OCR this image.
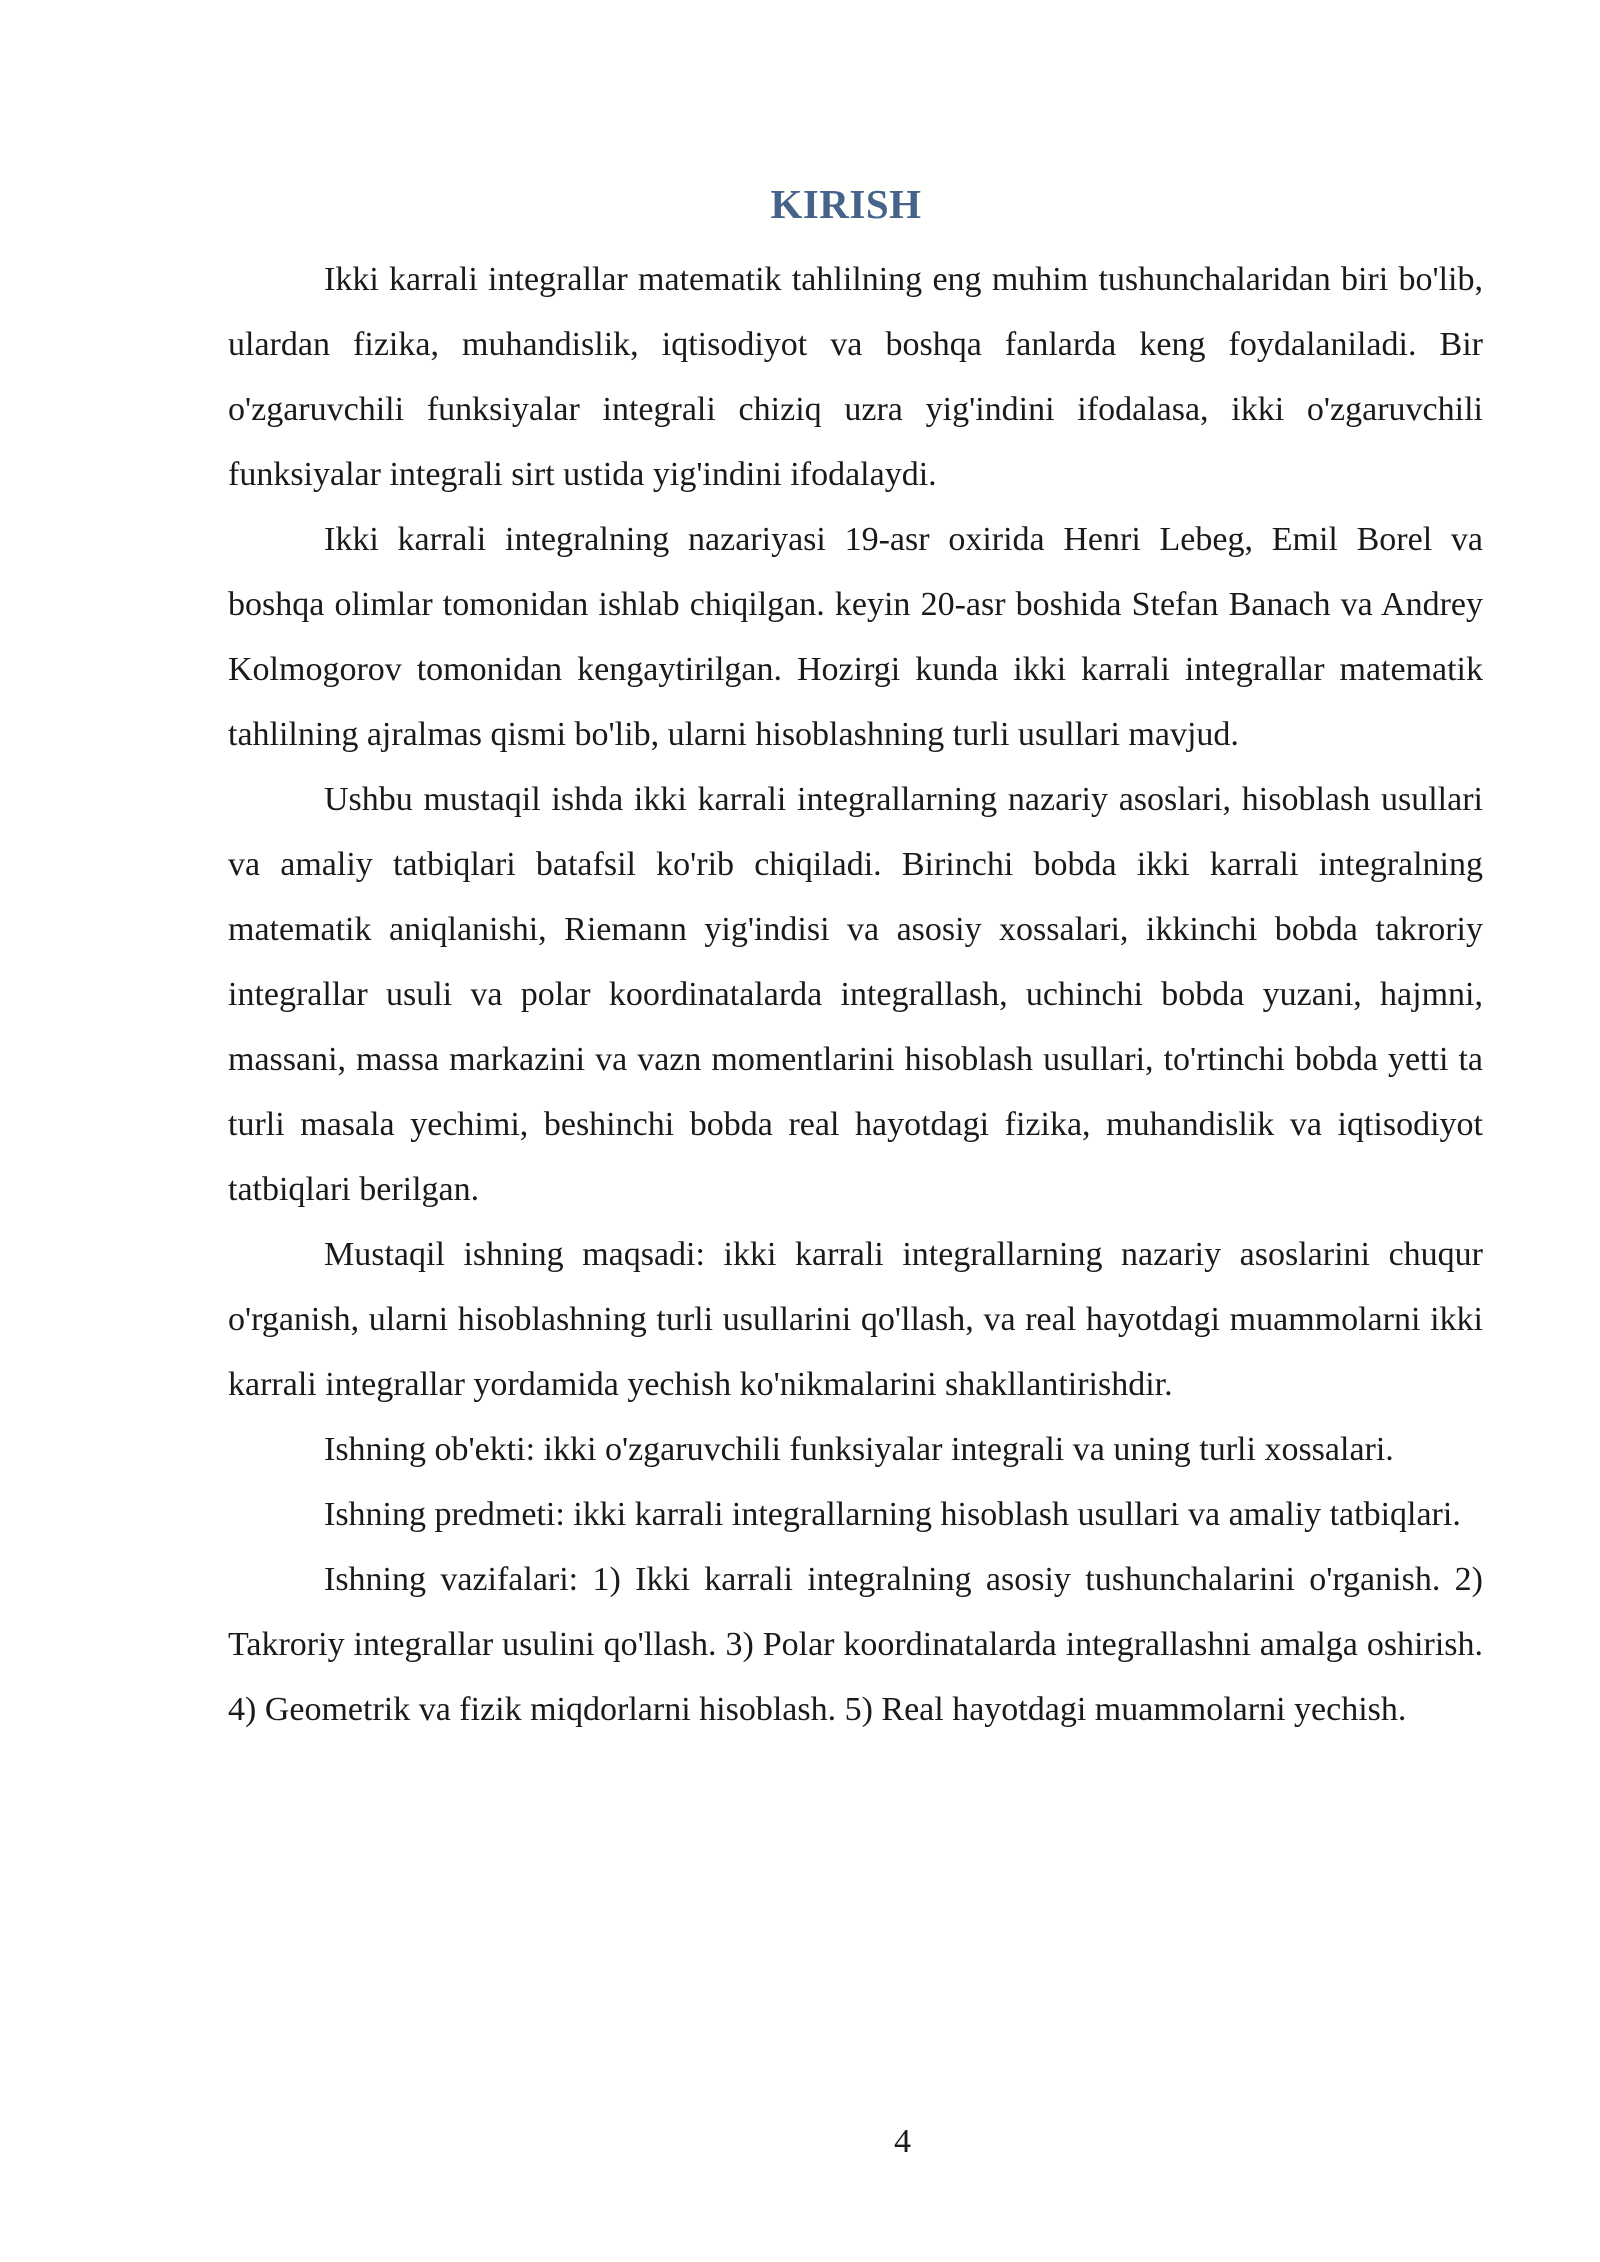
KIRISH

Ikki karrali integrallar matematik tahlilning eng muhim tushunchalaridan biri bo'lib, ulardan fizika, muhandislik, iqtisodiyot va boshqa fanlarda keng foydalaniladi. Bir o'zgaruvchili funksiyalar integrali chiziq uzra yig'indini ifodalasa, ikki o'zgaruvchili funksiyalar integrali sirt ustida yig'indini ifodalaydi.

Ikki karrali integralning nazariyasi 19-asr oxirida Henri Lebeg, Emil Borel va boshqa olimlar tomonidan ishlab chiqilgan. keyin 20-asr boshida Stefan Banach va Andrey Kolmogorov tomonidan kengaytirilgan. Hozirgi kunda ikki karrali integrallar matematik tahlilning ajralmas qismi bo'lib, ularni hisoblashning turli usullari mavjud.

Ushbu mustaqil ishda ikki karrali integrallarning nazariy asoslari, hisoblash usullari va amaliy tatbiqlari batafsil ko'rib chiqiladi. Birinchi bobda ikki karrali integralning matematik aniqlanishi, Riemann yig'indisi va asosiy xossalari, ikkinchi bobda takroriy integrallar usuli va polar koordinatalarda integrallash, uchinchi bobda yuzani, hajmni, massani, massa markazini va vazn momentlarini hisoblash usullari, to'rtinchi bobda yetti ta turli masala yechimi, beshinchi bobda real hayotdagi fizika, muhandislik va iqtisodiyot tatbiqlari berilgan.

Mustaqil ishning maqsadi: ikki karrali integrallarning nazariy asoslarini chuqur o'rganish, ularni hisoblashning turli usullarini qo'llash, va real hayotdagi muammolarni ikki karrali integrallar yordamida yechish ko'nikmalarini shakllantirishdir.

Ishning ob'ekti: ikki o'zgaruvchili funksiyalar integrali va uning turli xossalari.

Ishning predmeti: ikki karrali integrallarning hisoblash usullari va amaliy tatbiqlari.

Ishning vazifalari: 1) Ikki karrali integralning asosiy tushunchalarini o'rganish. 2) Takroriy integrallar usulini qo'llash. 3) Polar koordinatalarda integrallashni amalga oshirish. 4) Geometrik va fizik miqdorlarni hisoblash. 5) Real hayotdagi muammolarni yechish.

4
